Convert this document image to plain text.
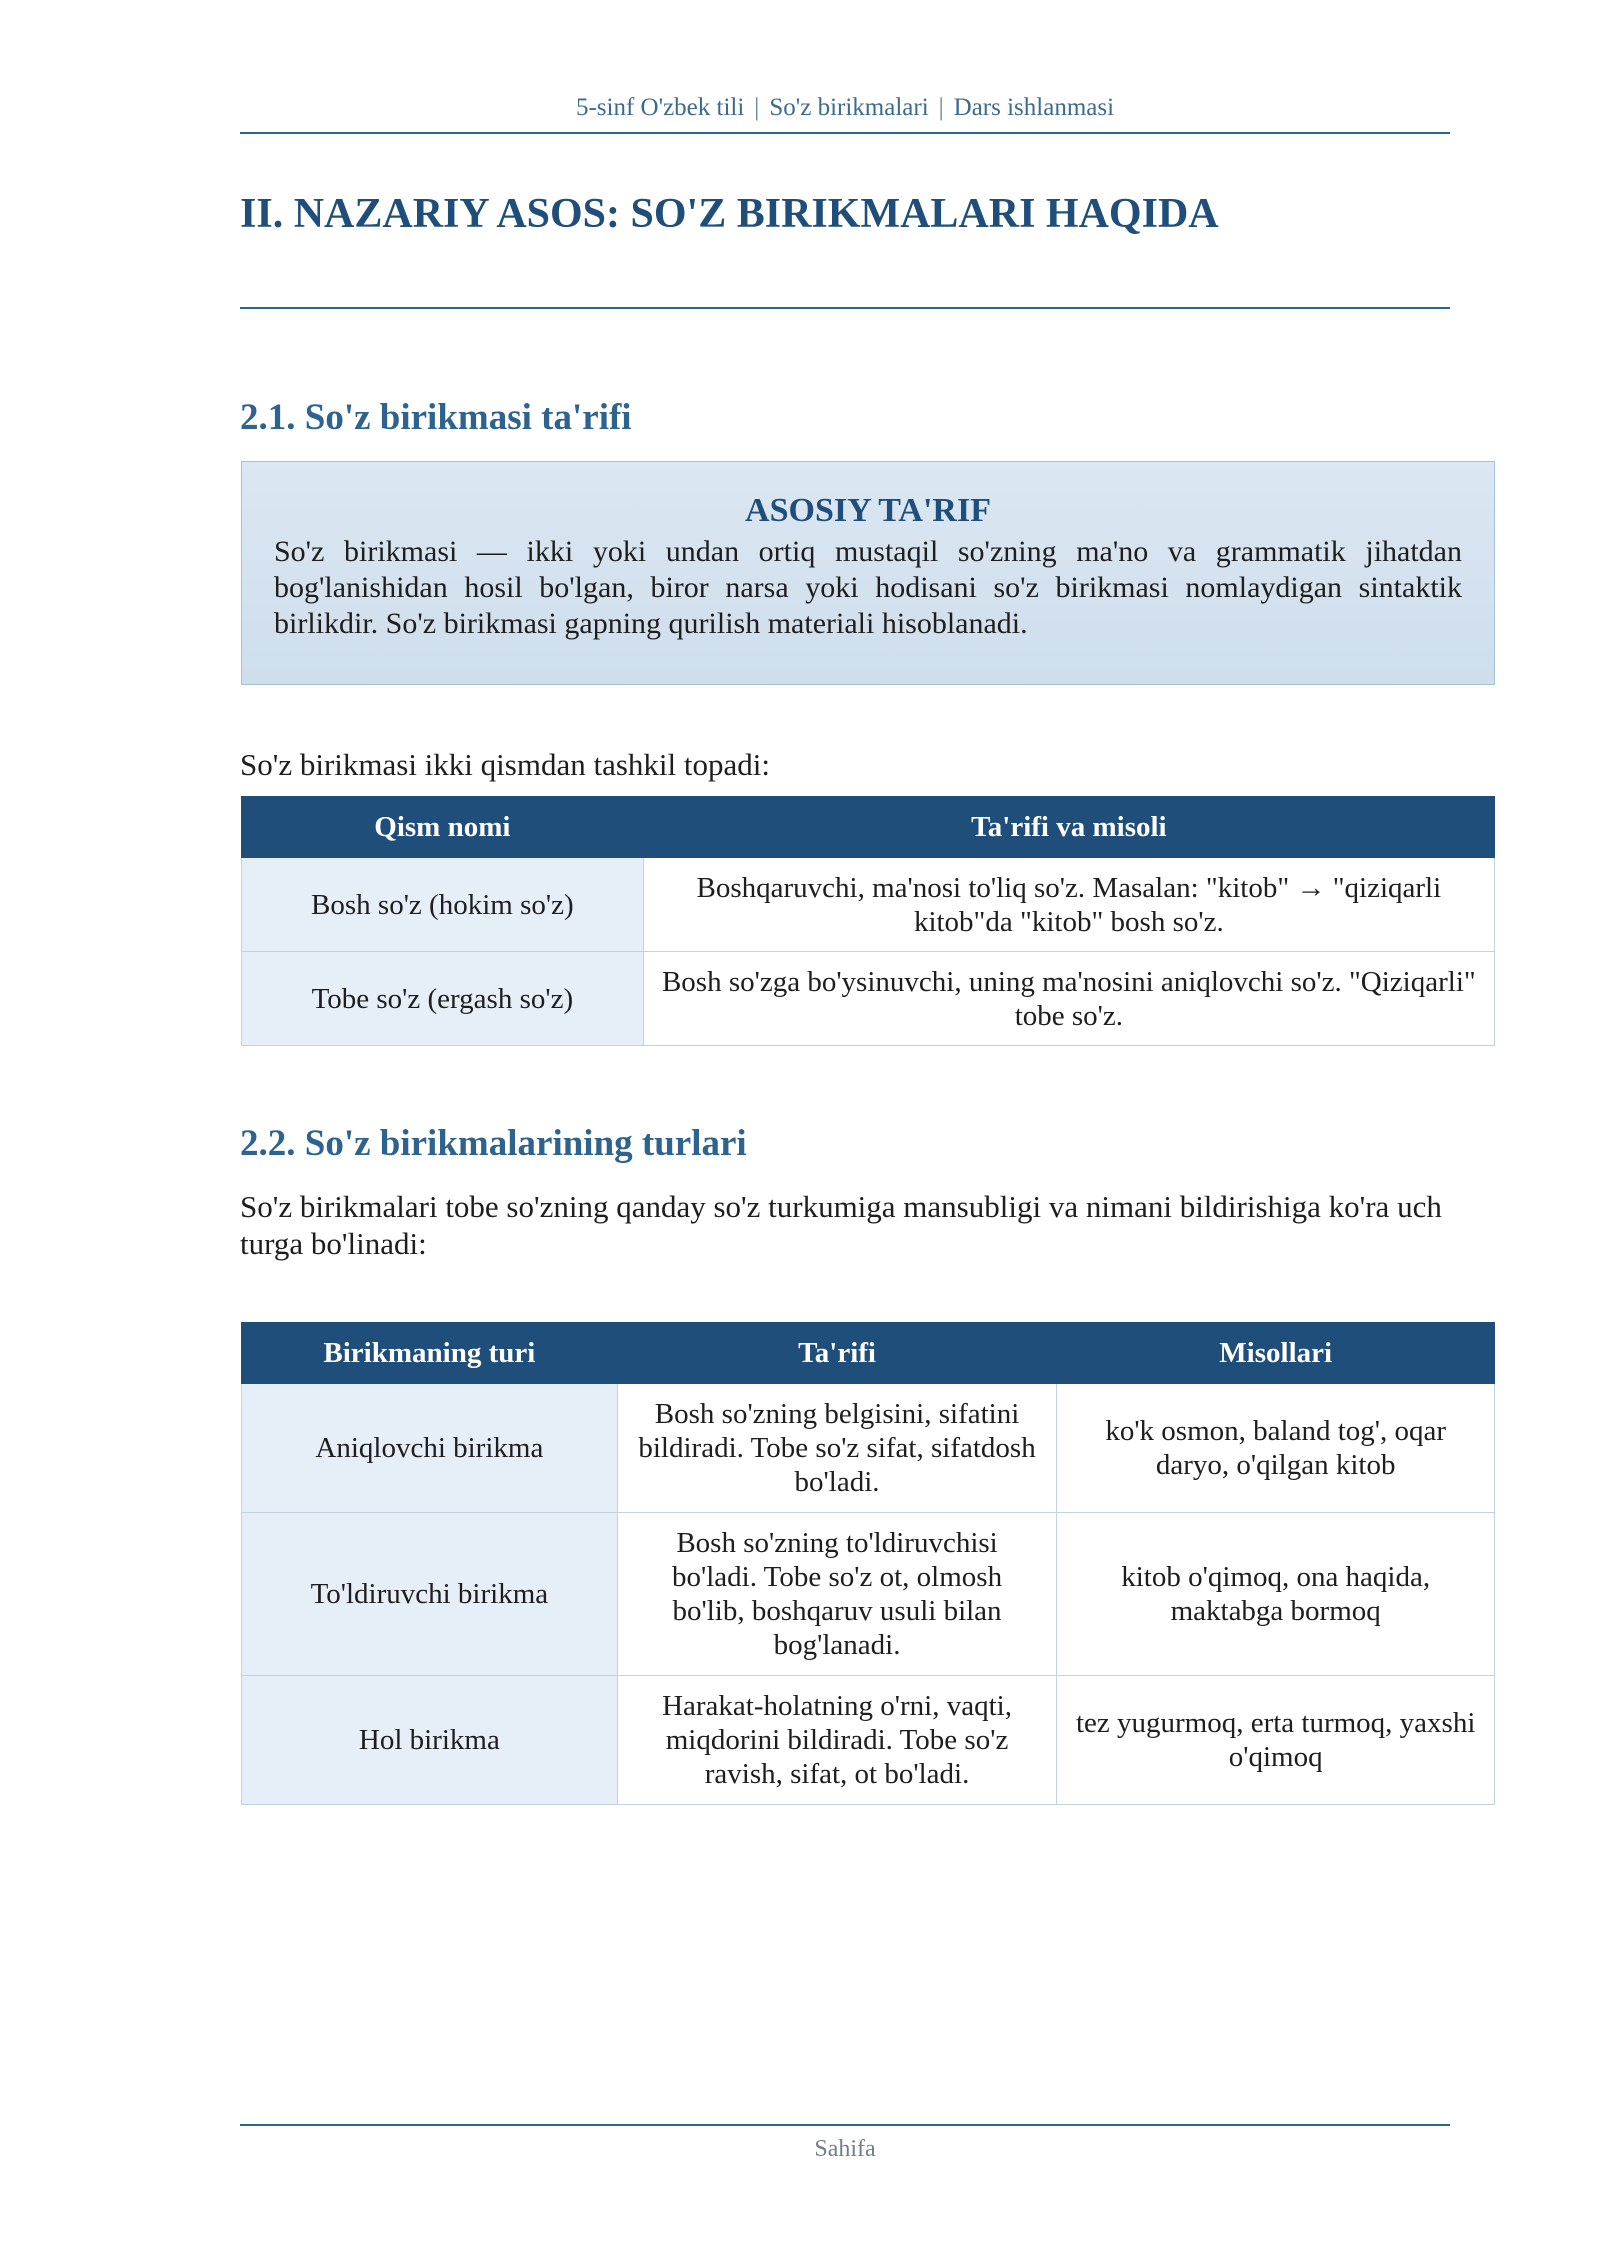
5-sinf O'zbek tili | So'z birikmalari | Dars ishlanmasi
II. NAZARIY ASOS: SO'Z BIRIKMALARI HAQIDA
2.1. So'z birikmasi ta'rifi
ASOSIY TA'RIF
So'z birikmasi — ikki yoki undan ortiq mustaqil so'zning ma'no va grammatik jihatdan bog'lanishidan hosil bo'lgan, biror narsa yoki hodisani so'z birikmasi nomlaydigan sintaktik birlikdir. So'z birikmasi gapning qurilish materiali hisoblanadi.

So'z birikmasi ikki qismdan tashkil topadi:

Qism nomi	Ta'rifi va misoli
Bosh so'z (hokim so'z)	Boshqaruvchi, ma'nosi to'liq so'z. Masalan: "kitob" → "qiziqarli kitob"da "kitob" bosh so'z.
Tobe so'z (ergash so'z)	Bosh so'zga bo'ysinuvchi, uning ma'nosini aniqlovchi so'z. "Qiziqarli" tobe so'z.
2.2. So'z birikmalarining turlari

So'z birikmalari tobe so'zning qanday so'z turkumiga mansubligi va nimani bildirishiga ko'ra uch turga bo'linadi:

Birikmaning turi	Ta'rifi	Misollari
Aniqlovchi birikma	Bosh so'zning belgisini, sifatini bildiradi. Tobe so'z sifat, sifatdosh bo'ladi.	ko'k osmon, baland tog', oqar daryo, o'qilgan kitob
To'ldiruvchi birikma	Bosh so'zning to'ldiruvchisi bo'ladi. Tobe so'z ot, olmosh bo'lib, boshqaruv usuli bilan bog'lanadi.	kitob o'qimoq, ona haqida, maktabga bormoq
Hol birikma	Harakat-holatning o'rni, vaqti, miqdorini bildiradi. Tobe so'z ravish, sifat, ot bo'ladi.	tez yugurmoq, erta turmoq, yaxshi o'qimoq
Sahifa
